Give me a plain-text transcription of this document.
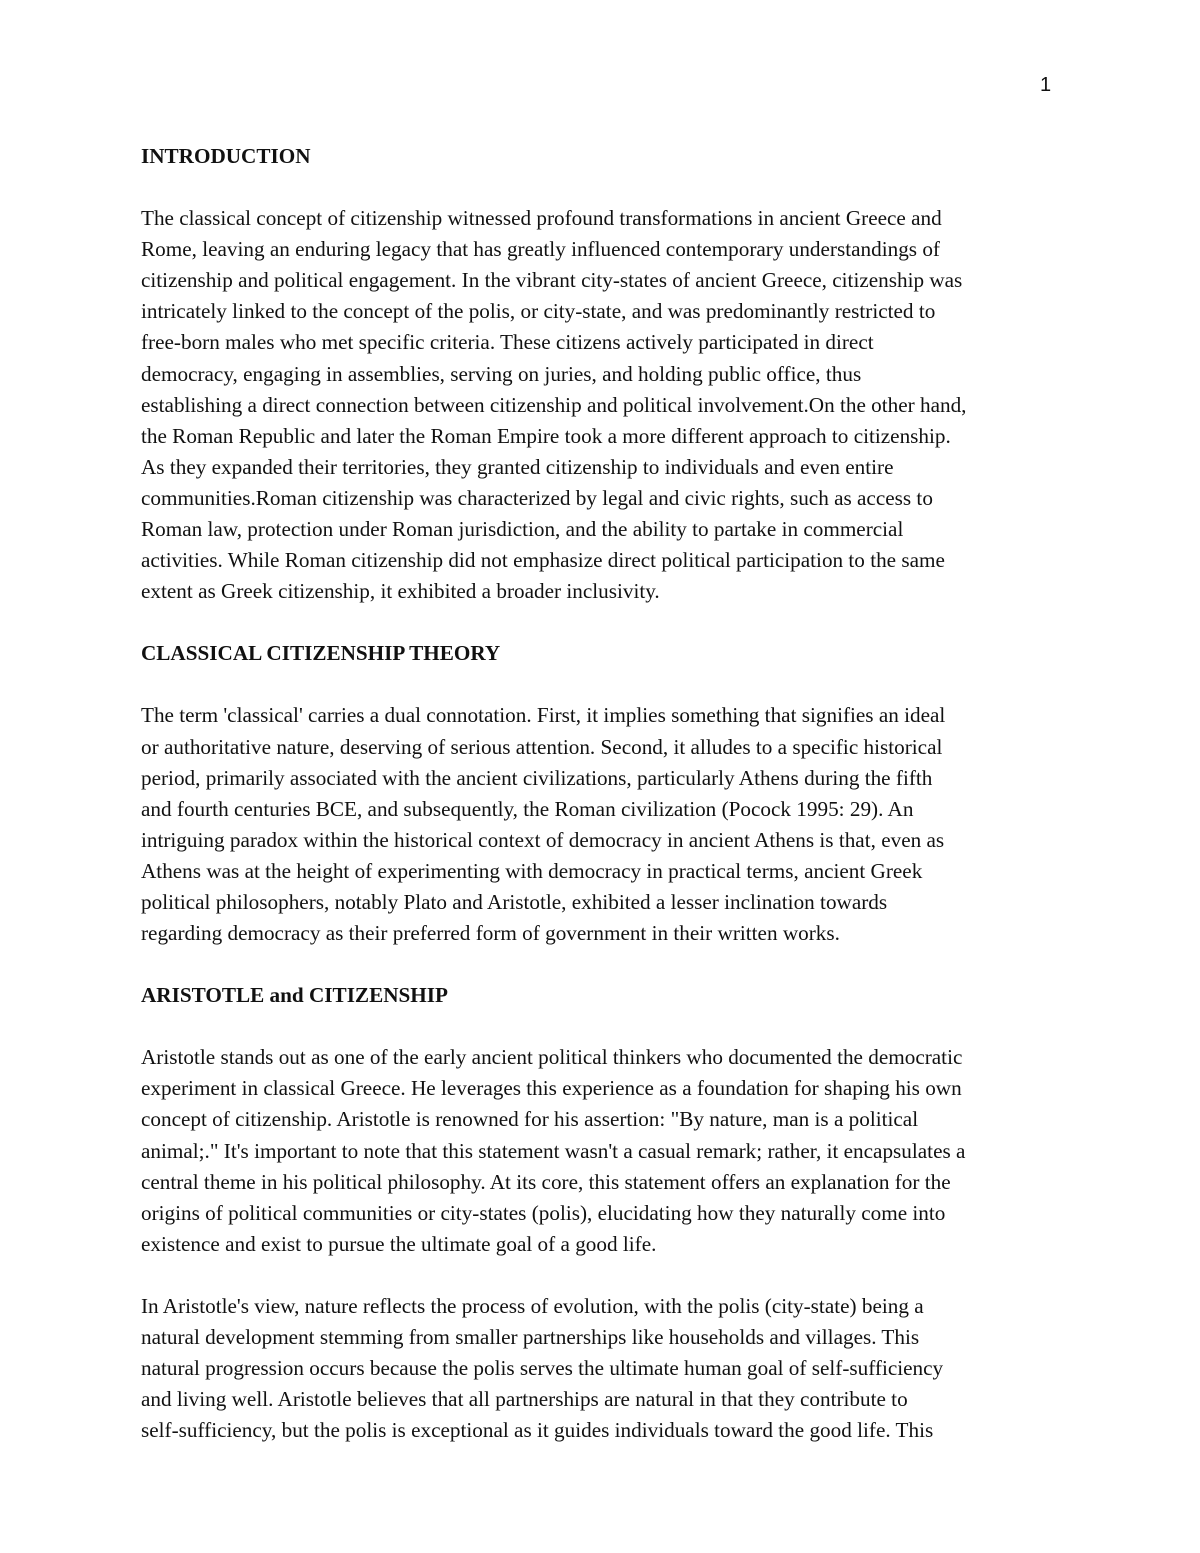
1
INTRODUCTION
The classical concept of citizenship witnessed profound transformations in ancient Greece and
Rome, leaving an enduring legacy that has greatly influenced contemporary understandings of
citizenship and political engagement. In the vibrant city-states of ancient Greece, citizenship was
intricately linked to the concept of the polis, or city-state, and was predominantly restricted to
free-born males who met specific criteria. These citizens actively participated in direct
democracy, engaging in assemblies, serving on juries, and holding public office, thus
establishing a direct connection between citizenship and political involvement.On the other hand,
the Roman Republic and later the Roman Empire took a more different approach to citizenship.
As they expanded their territories, they granted citizenship to individuals and even entire
communities.Roman citizenship was characterized by legal and civic rights, such as access to
Roman law, protection under Roman jurisdiction, and the ability to partake in commercial
activities. While Roman citizenship did not emphasize direct political participation to the same
extent as Greek citizenship, it exhibited a broader inclusivity.
CLASSICAL CITIZENSHIP THEORY
The term 'classical' carries a dual connotation. First, it implies something that signifies an ideal
or authoritative nature, deserving of serious attention. Second, it alludes to a specific historical
period, primarily associated with the ancient civilizations, particularly Athens during the fifth
and fourth centuries BCE, and subsequently, the Roman civilization (Pocock 1995: 29). An
intriguing paradox within the historical context of democracy in ancient Athens is that, even as
Athens was at the height of experimenting with democracy in practical terms, ancient Greek
political philosophers, notably Plato and Aristotle, exhibited a lesser inclination towards
regarding democracy as their preferred form of government in their written works.
ARISTOTLE and CITIZENSHIP
Aristotle stands out as one of the early ancient political thinkers who documented the democratic
experiment in classical Greece. He leverages this experience as a foundation for shaping his own
concept of citizenship. Aristotle is renowned for his assertion: "By nature, man is a political
animal;." It's important to note that this statement wasn't a casual remark; rather, it encapsulates a
central theme in his political philosophy. At its core, this statement offers an explanation for the
origins of political communities or city-states (polis), elucidating how they naturally come into
existence and exist to pursue the ultimate goal of a good life.
In Aristotle's view, nature reflects the process of evolution, with the polis (city-state) being a
natural development stemming from smaller partnerships like households and villages. This
natural progression occurs because the polis serves the ultimate human goal of self-sufficiency
and living well. Aristotle believes that all partnerships are natural in that they contribute to
self-sufficiency, but the polis is exceptional as it guides individuals toward the good life. This
